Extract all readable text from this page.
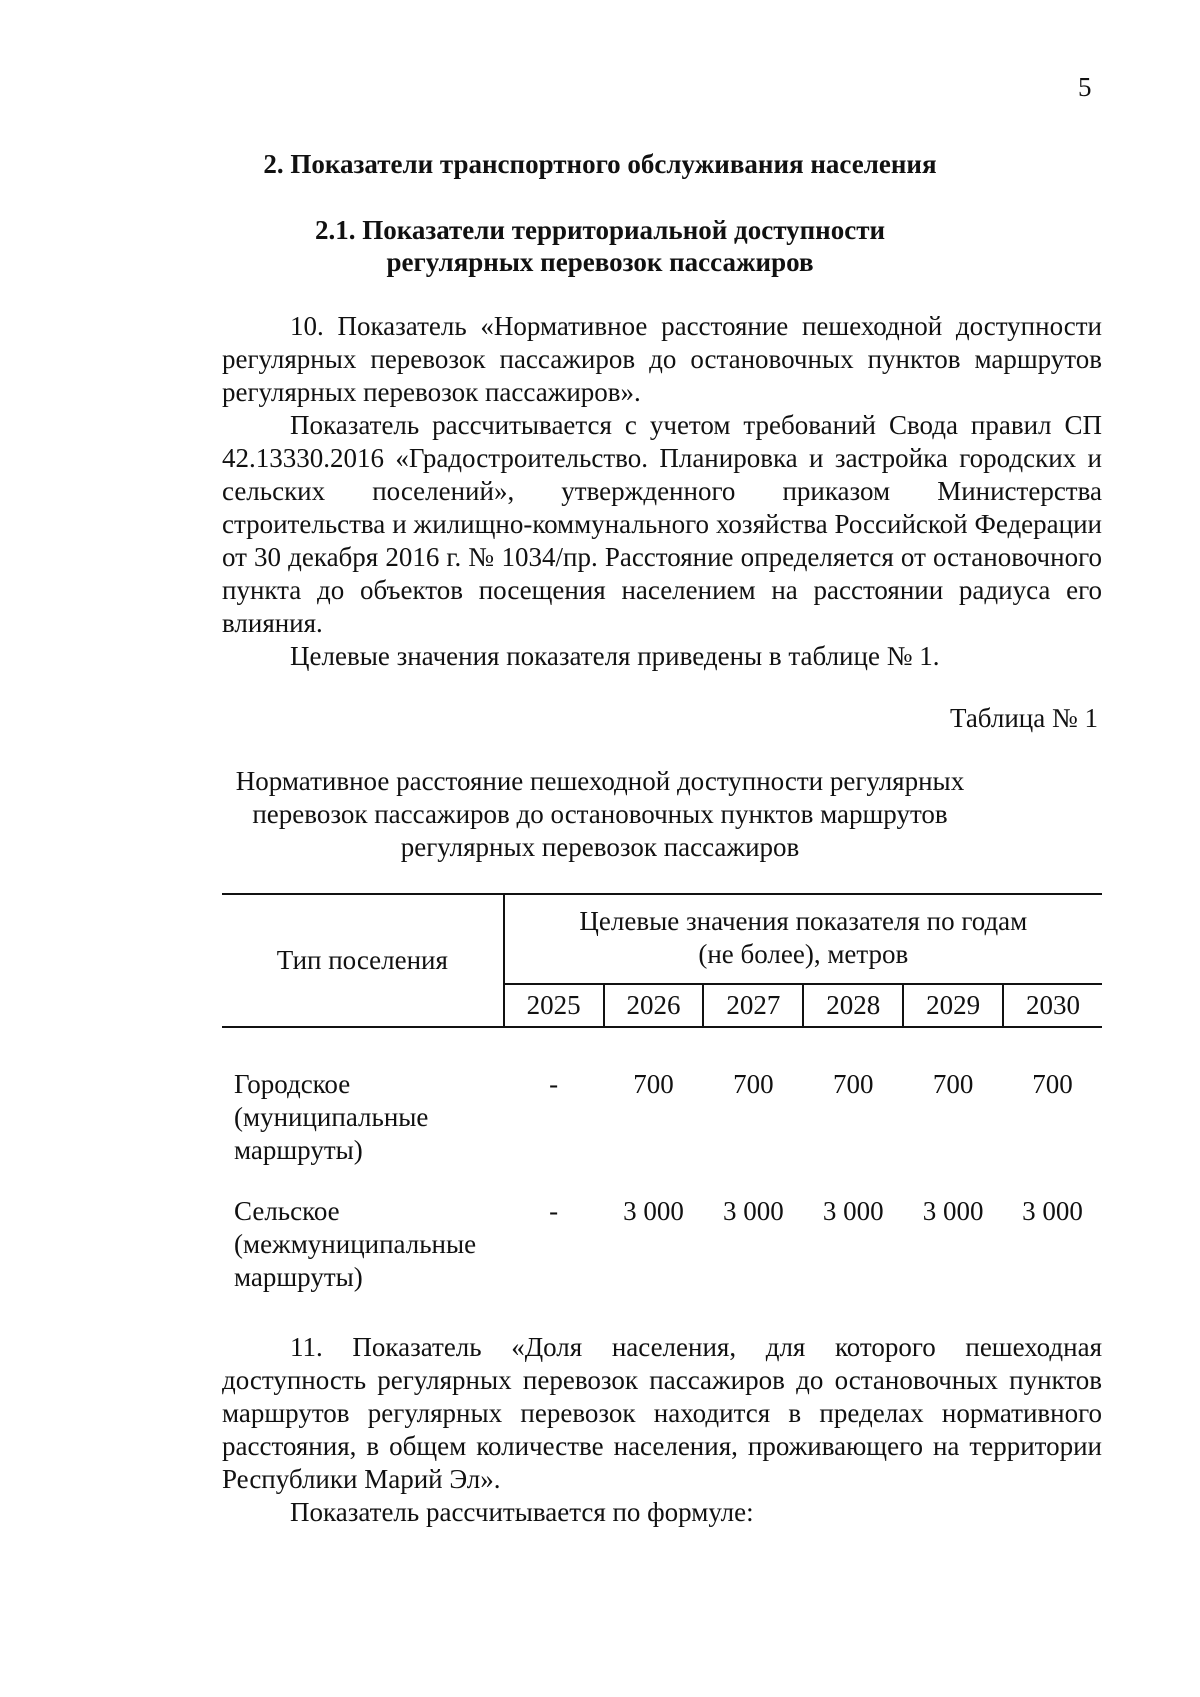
5
2. Показатели транспортного обслуживания населения
2.1. Показатели территориальной доступности
регулярных перевозок пассажиров

10. Показатель «Нормативное расстояние пешеходной доступности регулярных перевозок пассажиров до остановочных пунктов маршрутов регулярных перевозок пассажиров».

Показатель рассчитывается с учетом требований Свода правил СП 42.13330.2016 «Градостроительство. Планировка и застройка городских и сельских поселений», утвержденного приказом Министерства строительства и жилищно-коммунального хозяйства Российской Федерации от 30 декабря 2016 г. № 1034/пр. Расстояние определяется от остановочного пункта до объектов посещения населением на расстоянии радиуса его влияния.

Целевые значения показателя приведены в таблице № 1.

Таблица № 1
Нормативное расстояние пешеходной доступности регулярных
перевозок пассажиров до остановочных пунктов маршрутов
регулярных перевозок пассажиров
Тип поселения	Целевые значения показателя по годам
(не более), метров					

	2025	2026	2027	2028	2029	2030

Городское
(муниципальные
маршруты)	-	700	700	700	700	700

Сельское
(межмуниципальные
маршруты)	-	3 000	3 000	3 000	3 000	3 000

11. Показатель «Доля населения, для которого пешеходная доступность регулярных перевозок пассажиров до остановочных пунктов маршрутов регулярных перевозок находится в пределах нормативного расстояния, в общем количестве населения, проживающего на территории Республики Марий Эл».

Показатель рассчитывается по формуле:
